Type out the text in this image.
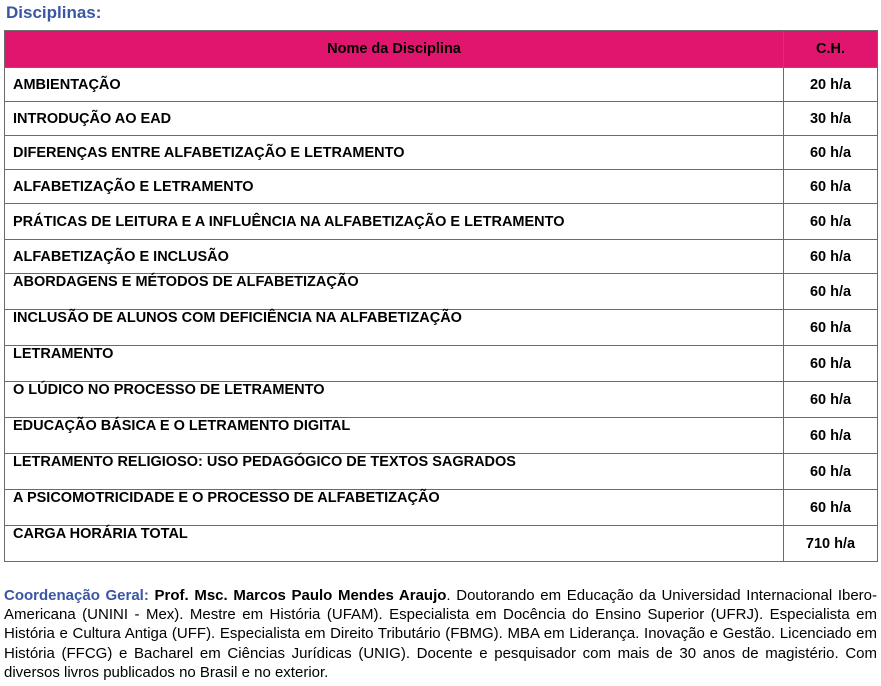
Disciplinas:
Nome da Disciplina	C.H.
AMBIENTAÇÃO	20 h/a
INTRODUÇÃO AO EAD	30 h/a
DIFERENÇAS ENTRE ALFABETIZAÇÃO E LETRAMENTO	60 h/a
ALFABETIZAÇÃO E LETRAMENTO	60 h/a
PRÁTICAS DE LEITURA E A INFLUÊNCIA NA ALFABETIZAÇÃO E LETRAMENTO	60 h/a
ALFABETIZAÇÃO E INCLUSÃO	60 h/a
ABORDAGENS E MÉTODOS DE ALFABETIZAÇÃO	60 h/a
INCLUSÃO DE ALUNOS COM DEFICIÊNCIA NA ALFABETIZAÇÃO	60 h/a
LETRAMENTO	60 h/a
O LÚDICO NO PROCESSO DE LETRAMENTO	60 h/a
EDUCAÇÃO BÁSICA E O LETRAMENTO DIGITAL	60 h/a
LETRAMENTO RELIGIOSO: USO PEDAGÓGICO DE TEXTOS SAGRADOS	60 h/a
A PSICOMOTRICIDADE E O PROCESSO DE ALFABETIZAÇÃO	60 h/a
CARGA HORÁRIA TOTAL	710 h/a
Coordenação Geral: Prof. Msc. Marcos Paulo Mendes Araujo. Doutorando em Educação da Universidad Internacional Ibero-Americana (UNINI - Mex). Mestre em História (UFAM). Especialista em Docência do Ensino Superior (UFRJ). Especialista em História e Cultura Antiga (UFF). Especialista em Direito Tributário (FBMG). MBA em Liderança. Inovação e Gestão. Licenciado em História (FFCG) e Bacharel em Ciências Jurídicas (UNIG). Docente e pesquisador com mais de 30 anos de magistério. Com diversos livros publicados no Brasil e no exterior.
